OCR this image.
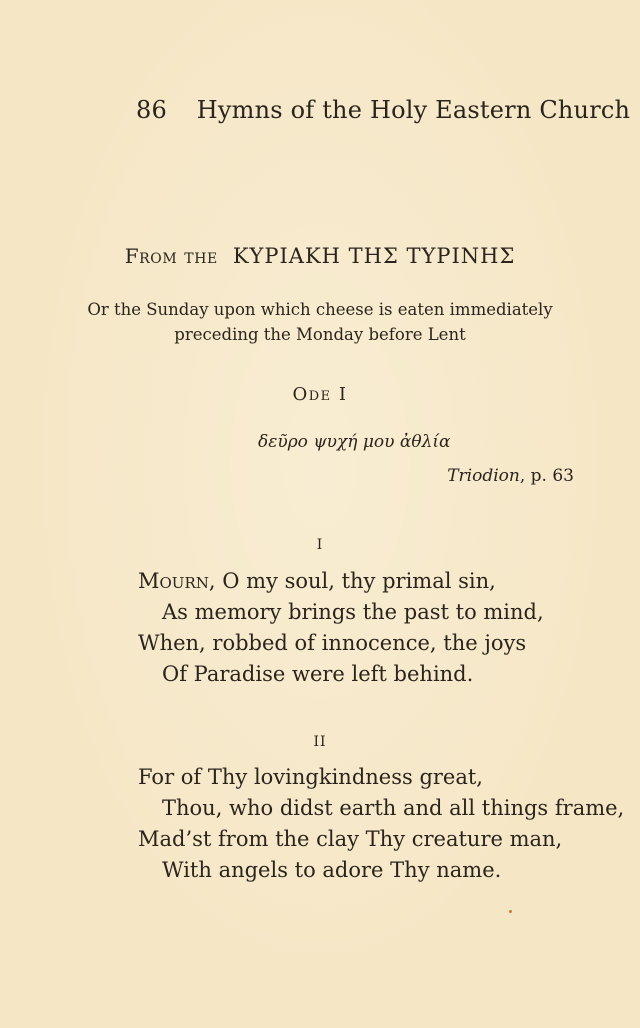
86 Hymns of the Holy Eastern Church
From the ΚΥΡΙΑΚΗ ΤΗΣ ΤΥΡΙΝΗΣ
Or the Sunday upon which cheese is eaten immediately
preceding the Monday before Lent
Ode I
δεῦρο ψυχή μου ἀθλία
Triodion, p. 63
I
Mourn, O my soul, thy primal sin,
As memory brings the past to mind,
When, robbed of innocence, the joys
Of Paradise were left behind.
II
For of Thy lovingkindness great,
Thou, who didst earth and all things frame,
Mad’st from the clay Thy creature man,
With angels to adore Thy name.
